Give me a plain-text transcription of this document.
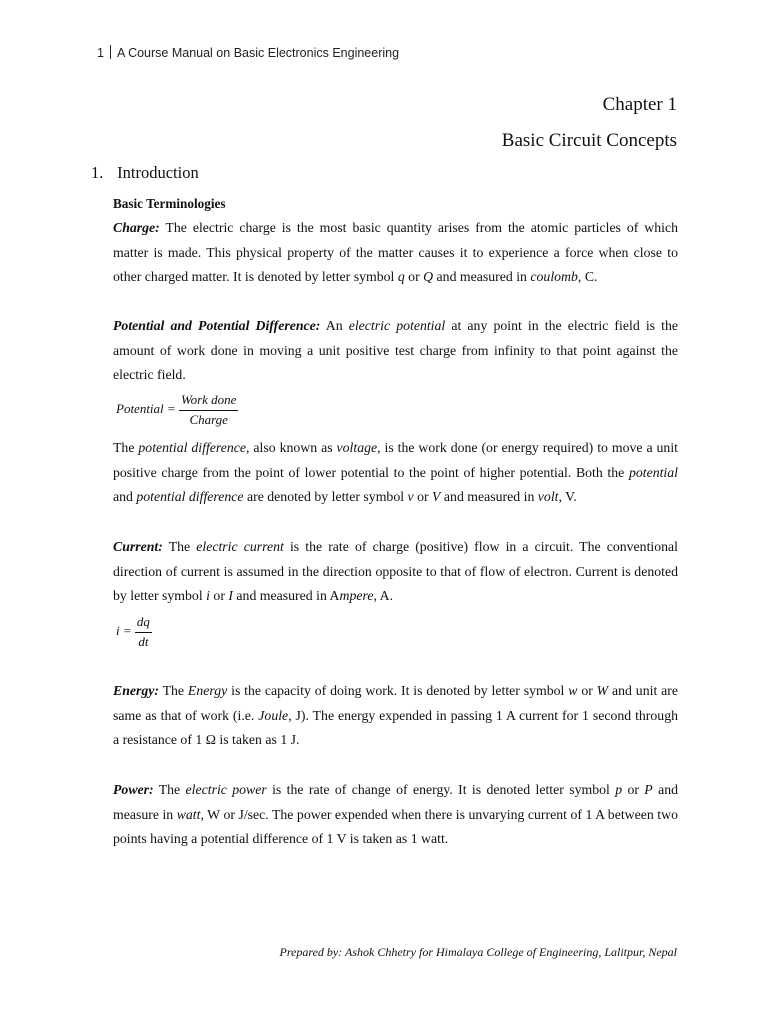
1 A Course Manual on Basic Electronics Engineering
Chapter 1
Basic Circuit Concepts
1. Introduction
Basic Terminologies

Charge: The electric charge is the most basic quantity arises from the atomic particles of which matter is made. This physical property of the matter causes it to experience a force when close to other charged matter. It is denoted by letter symbol q or Q and measured in coulomb, C.

Potential and Potential Difference: An electric potential at any point in the electric field is the amount of work done in moving a unit positive test charge from infinity to that point against the electric field.

Potential = $\frac{\text{Work done}}{\text{Charge}}$

The potential difference, also known as voltage, is the work done (or energy required) to move a unit positive charge from the point of lower potential to the point of higher potential. Both the potential and potential difference are denoted by letter symbol v or V and measured in volt, V.

Current: The electric current is the rate of charge (positive) flow in a circuit. The conventional direction of current is assumed in the direction opposite to that of flow of electron. Current is denoted by letter symbol i or I and measured in Ampere, A.

$i = \frac{dq}{dt}$

Energy: The Energy is the capacity of doing work. It is denoted by letter symbol w or W and unit are same as that of work (i.e. Joule, J). The energy expended in passing 1 A current for 1 second through a resistance of 1 Ω is taken as 1 J.

Power: The electric power is the rate of change of energy. It is denoted letter symbol p or P and measure in watt, W or J/sec. The power expended when there is unvarying current of 1 A between two points having a potential difference of 1 V is taken as 1 watt.

Prepared by: Ashok Chhetry for Himalaya College of Engineering, Lalitpur, Nepal
